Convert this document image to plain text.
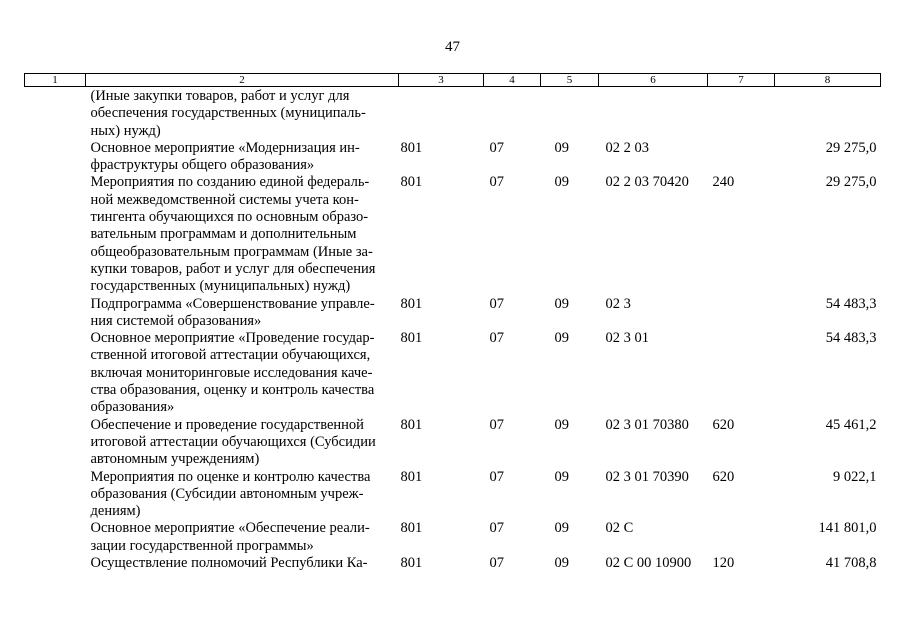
47
1	2	3	4	5	6	7	8
	(Иные закупки товаров, работ и услуг для обеспечения государственных (муниципаль-ных) нужд)						
	Основное мероприятие «Модернизация ин-фраструктуры общего образования»	801	07	09	02 2 03		29 275,0
	Мероприятия по созданию единой федераль-ной межведомственной системы учета кон-тингента обучающихся по основным образо-вательным программам и дополнительным общеобразовательным программам (Иные за-купки товаров, работ и услуг для обеспечения государственных (муниципальных) нужд)	801	07	09	02 2 03 70420	240	29 275,0
	Подпрограмма «Совершенствование управле-ния системой образования»	801	07	09	02 3		54 483,3
	Основное мероприятие «Проведение государ-ственной итоговой аттестации обучающихся, включая мониторинговые исследования каче-ства образования, оценку и контроль качества образования»	801	07	09	02 3 01		54 483,3
	Обеспечение и проведение государственной итоговой аттестации обучающихся (Субсидии автономным учреждениям)	801	07	09	02 3 01 70380	620	45 461,2
	Мероприятия по оценке и контролю качества образования (Субсидии автономным учреж-дениям)	801	07	09	02 3 01 70390	620	9 022,1
	Основное мероприятие «Обеспечение реали-зации государственной программы»	801	07	09	02 С		141 801,0
	Осуществление полномочий Республики Ка-	801	07	09	02 С 00 10900	120	41 708,8
